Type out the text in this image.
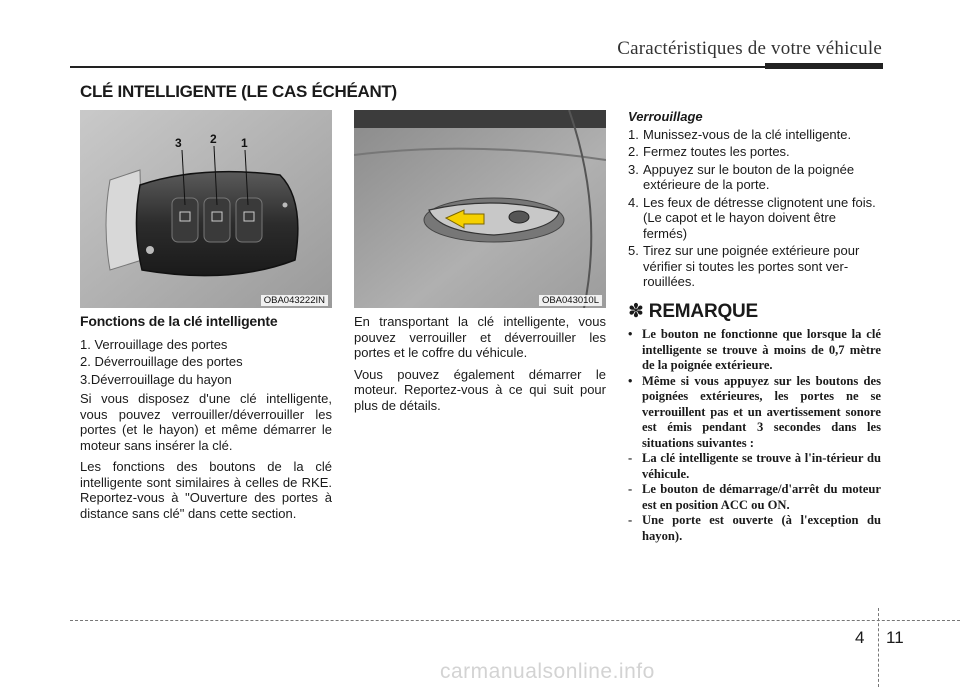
Caractéristiques de votre véhicule
CLÉ INTELLIGENTE (LE CAS ÉCHÉANT)
3 2 1
OBA043222IN	OBA043010L
Fonctions de la clé intelligente
1. Verrouillage des portes
2. Déverrouillage des portes
3.Déverrouillage du hayon

Si vous disposez d'une clé intelligente, vous pouvez verrouiller/déverrouiller les portes (et le hayon) et même démarrer le moteur sans insérer la clé.

Les fonctions des boutons de la clé intelligente sont similaires à celles de RKE. Reportez-vous à "Ouverture des portes à distance sans clé" dans cette section.

En transportant la clé intelligente, vous pouvez verrouiller et déverrouiller les portes et le coffre du véhicule.

Vous pouvez également démarrer le moteur. Reportez-vous à ce qui suit pour plus de détails.

Verrouillage
1. Munissez-vous de la clé intelligente.
2. Fermez toutes les portes.
3. Appuyez sur le bouton de la poignée extérieure de la porte.
4. Les feux de détresse clignotent une fois. (Le capot et le hayon doivent être fermés)
5. Tirez sur une poignée extérieure pour vérifier si toutes les portes sont ver-rouillées.
✽ REMARQUE
• Le bouton ne fonctionne que lorsque la clé intelligente se trouve à moins de 0,7 mètre de la poignée extérieure.
• Même si vous appuyez sur les boutons des poignées extérieures, les portes ne se verrouillent pas et un avertissement sonore est émis pendant 3 secondes dans les situations suivantes :
- La clé intelligente se trouve à l'in-térieur du véhicule.
- Le bouton de démarrage/d'arrêt du moteur est en position ACC ou ON.
- Une porte est ouverte (à l'exception du hayon).
4 11
carmanualsonline.info
